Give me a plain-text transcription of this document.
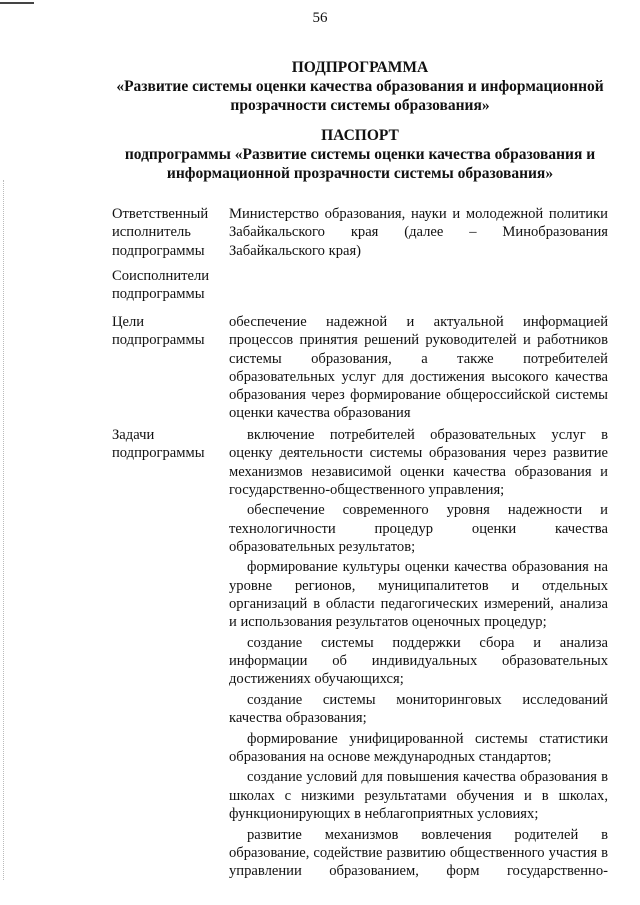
56
ПОДПРОГРАММА
«Развитие системы оценки качества образования и информационной
прозрачности системы образования»
ПАСПОРТ
подпрограммы «Развитие системы оценки качества образования и
информационной прозрачности системы образования»
Ответственный исполнитель подпрограммы
Министерство образования, науки и молодежной политики Забайкальского края (далее – Минобразования Забайкальского края)
Соисполнители подпрограммы
Цели подпрограммы
обеспечение надежной и актуальной информацией процессов принятия решений руководителей и работников системы образования, а также потребителей образовательных услуг для достижения высокого качества образования через формирование общероссийской системы оценки качества образования
Задачи подпрограммы

включение потребителей образовательных услуг в оценку деятельности системы образования через развитие механизмов независимой оценки качества образования и государственно-общественного управления;

обеспечение современного уровня надежности и технологичности процедур оценки качества образовательных результатов;

формирование культуры оценки качества образования на уровне регионов, муниципалитетов и отдельных организаций в области педагогических измерений, анализа и использования результатов оценочных процедур;

создание системы поддержки сбора и анализа информации об индивидуальных образовательных достижениях обучающихся;

создание системы мониторинговых исследований качества образования;

формирование унифицированной системы статистики образования на основе международных стандартов;

создание условий для повышения качества образования в школах с низкими результатами обучения и в школах, функционирующих в неблагоприятных условиях;

развитие механизмов вовлечения родителей в образование, содействие развитию общественного участия в управлении образованием, форм государственно-
